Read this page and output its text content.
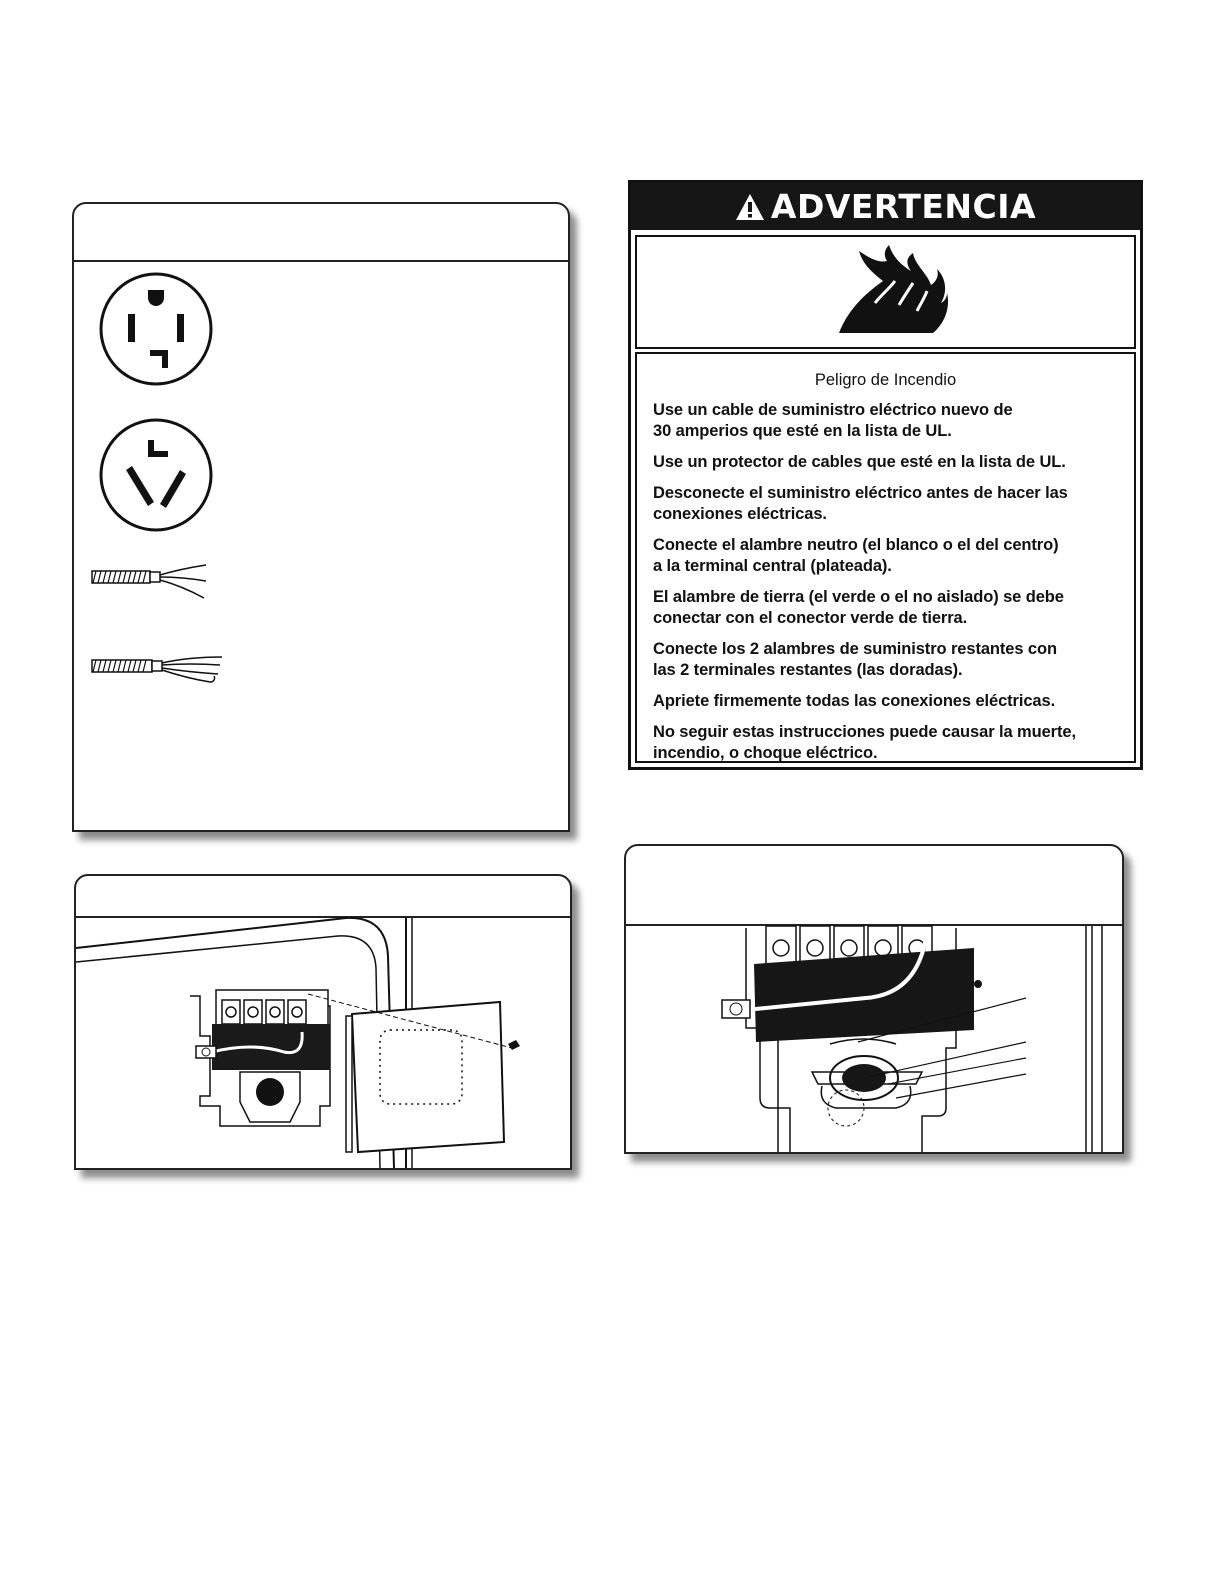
ADVERTENCIA
Peligro de Incendio
Use un cable de suministro eléctrico nuevo de
30 amperios que esté en la lista de UL.
Use un protector de cables que esté en la lista de UL.
Desconecte el suministro eléctrico antes de hacer las
conexiones eléctricas.
Conecte el alambre neutro (el blanco o el del centro)
a la terminal central (plateada).
El alambre de tierra (el verde o el no aislado) se debe
conectar con el conector verde de tierra.
Conecte los 2 alambres de suministro restantes con
las 2 terminales restantes (las doradas).
Apriete firmemente todas las conexiones eléctricas.
No seguir estas instrucciones puede causar la muerte,
incendio, o choque eléctrico.
